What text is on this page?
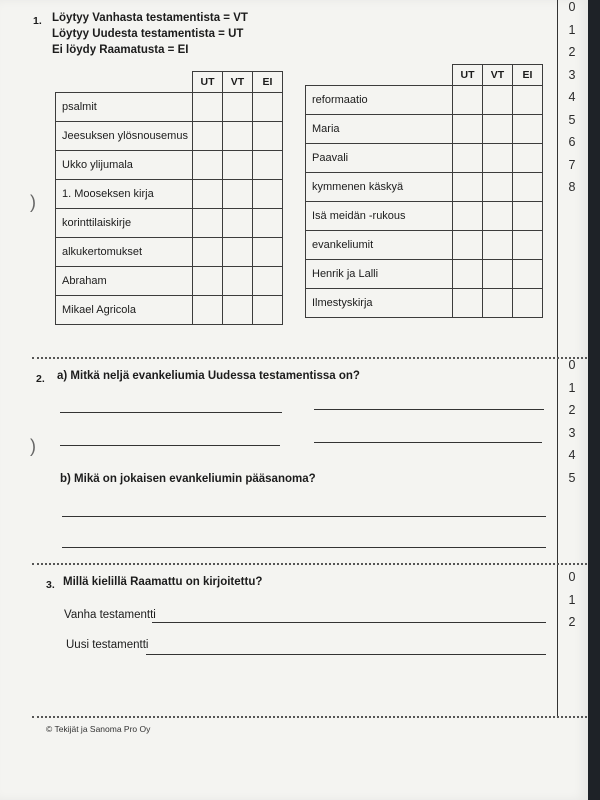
1. Löytyy Vanhasta testamentista = VT
Löytyy Uudesta testamentista = UT
Ei löydy Raamatusta = EI
	UT	VT	EI
psalmit			
Jeesuksen ylösnousemus			
Ukko ylijumala			
1. Mooseksen kirja			
korinttilaiskirje			
alkukertomukset			
Abraham			
Mikael Agricola			
	UT	VT	EI
reformaatio			
Maria			
Paavali			
kymmenen käskyä			
Isä meidän -rukous			
evankeliumit			
Henrik ja Lalli			
Ilmestyskirja			
0
1
2
3
4
5
6
7
8
)
2. a) Mitkä neljä evankeliumia Uudessa testamentissa on?
b) Mikä on jokaisen evankeliumin pääsanoma?
)
0
1
2
3
4
5
3. Millä kielillä Raamattu on kirjoitettu?
Vanha testamentti
Uusi testamentti
0
1
2
© Tekijät ja Sanoma Pro Oy
